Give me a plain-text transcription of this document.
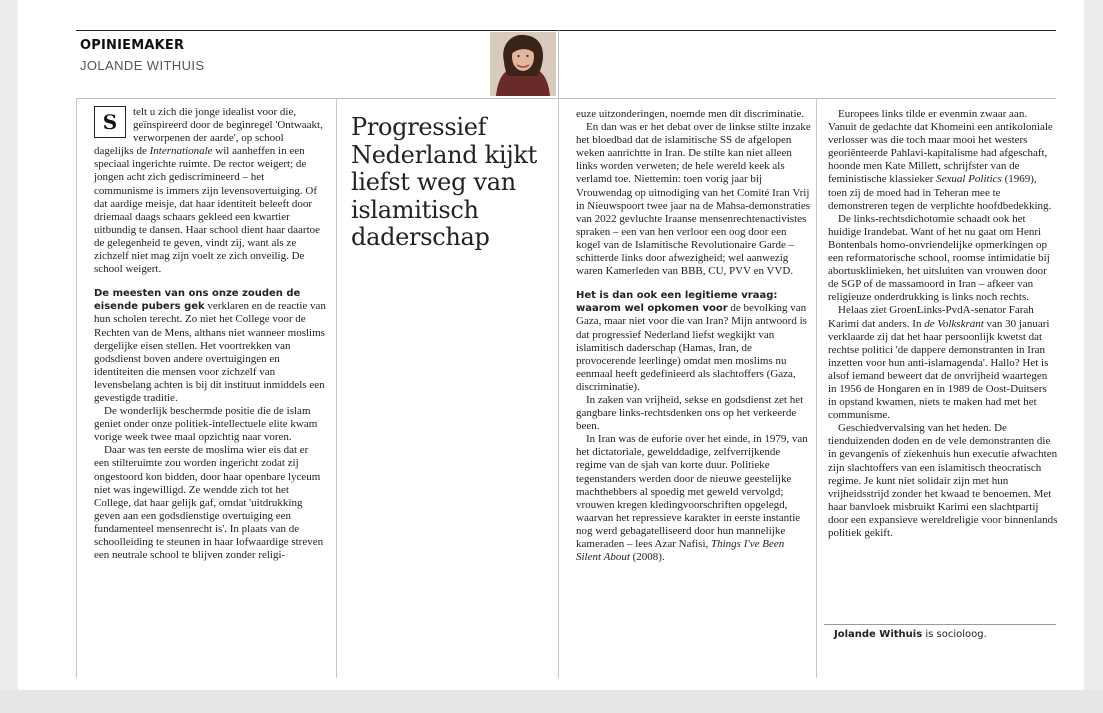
OPINIEMAKER
JOLANDE WITHUIS
S	telt u zich die jonge idealist voor die, geïnspireerd door de beginregel 'Ontwaakt, verworpenen der aarde', op school dagelijks de Internationale wil aanheffen in een speciaal ingerichte ruimte. De rector weigert; de jongen acht zich gediscrimineerd – het communisme is immers zijn levensovertuiging. Of dat aardige meisje, dat haar identiteit beleeft door driemaal daags schaars gekleed een kwartier uitbundig te dansen. Haar school dient haar daartoe de gelegenheid te geven, vindt zij, want als ze zichzelf niet mag zijn voelt ze zich onveilig. De school weigert.

De meesten van ons onze zouden de eisende pubers gek verklaren en de reactie van hun scholen terecht. Zo niet het College voor de Rechten van de Mens, althans niet wanneer moslims dergelijke eisen stellen. Het voortrekken van godsdienst boven andere overtuigingen en identiteiten die mensen voor zichzelf van levensbelang achten is bij dit instituut inmiddels een gevestigde traditie.

De wonderlijk beschermde positie die de islam geniet onder onze politiek-intellectuele elite kwam vorige week twee maal opzichtig naar voren.

Daar was ten eerste de moslima wier eis dat er een stilteruimte zou worden ingericht zodat zij ongestoord kon bidden, door haar openbare lyceum niet was ingewilligd. Ze wendde zich tot het College, dat haar gelijk gaf, omdat 'uitdrukking geven aan een godsdienstige overtuiging een fundamenteel mensenrecht is'. In plaats van de schoolleiding te steunen in haar lofwaardige streven een neutrale school te blijven zonder religi-

Progressief Nederland kijkt liefst weg van islamitisch daderschap

euze uitzonderingen, noemde men dit discriminatie.

En dan was er het debat over de linkse stilte inzake het bloedbad dat de islamitische SS de afgelopen weken aanrichtte in Iran. De stilte kan niet alleen links worden verweten; de hele wereld keek als verlamd toe. Niettemin: toen vorig jaar bij Vrouwendag op uitnodiging van het Comité Iran Vrij in Nieuwspoort twee jaar na de Mahsa-demonstraties van 2022 gevluchte Iraanse mensenrechtenactivistes spraken – een van hen verloor een oog door een kogel van de Islamitische Revolutionaire Garde – schitterde links door afwezigheid; wel aanwezig waren Kamerleden van BBB, CU, PVV en VVD.

Het is dan ook een legitieme vraag: waarom wel opkomen voor de bevolking van Gaza, maar niet voor die van Iran? Mijn antwoord is dat progressief Nederland liefst wegkijkt van islamitisch daderschap (Hamas, Iran, de provocerende leerlinge) omdat men moslims nu eenmaal heeft gedefinieerd als slachtoffers (Gaza, discriminatie).

In zaken van vrijheid, sekse en godsdienst zet het gangbare links-rechtsdenken ons op het verkeerde been.

In Iran was de euforie over het einde, in 1979, van het dictatoriale, gewelddadige, zelfverrijkende regime van de sjah van korte duur. Politieke tegenstanders werden door de nieuwe geestelijke machthebbers al spoedig met geweld vervolgd; vrouwen kregen kledingvoorschriften opgelegd, waarvan het repressieve karakter in eerste instantie nog werd gebagatelliseerd door hun mannelijke kameraden – lees Azar Nafisi, Things I've Been Silent About (2008).

Europees links tilde er evenmin zwaar aan. Vanuit de gedachte dat Khomeini een antikoloniale verlosser was die toch maar mooi het westers georiënteerde Pahlavi-kapitalisme had afgeschaft, hoonde men Kate Millett, schrijfster van de feministische klassieker Sexual Politics (1969), toen zij de moed had in Teheran mee te demonstreren tegen de verplichte hoofdbedekking.

De links-rechtsdichotomie schaadt ook het huidige Irandebat. Want of het nu gaat om Henri Bontenbals homo-onvriendelijke opmerkingen op een reformatorische school, roomse intimidatie bij abortusklinieken, het uitsluiten van vrouwen door de SGP of de massamoord in Iran – afkeer van religieuze onderdrukking is links noch rechts.

Helaas ziet GroenLinks-PvdA-senator Farah Karimi dat anders. In de Volkskrant van 30 januari verklaarde zij dat het haar persoonlijk kwetst dat rechtse politici 'de dappere demonstranten in Iran inzetten voor hun anti-islamagenda'. Hallo? Het is alsof iemand beweert dat de onvrijheid waartegen in 1956 de Hongaren en in 1989 de Oost-Duitsers in opstand kwamen, niets te maken had met het communisme.

Geschiedvervalsing van het heden. De tienduizenden doden en de vele demonstranten die in gevangenis of ziekenhuis hun executie afwachten zijn slachtoffers van een islamitisch theocratisch regime. Je kunt niet solidair zijn met hun vrijheidsstrijd zonder het kwaad te benoemen. Met haar banvloek misbruikt Karimi een slachtpartij door een expansieve wereldreligie voor binnenlands politiek gekift.

Jolande Withuis is socioloog.
